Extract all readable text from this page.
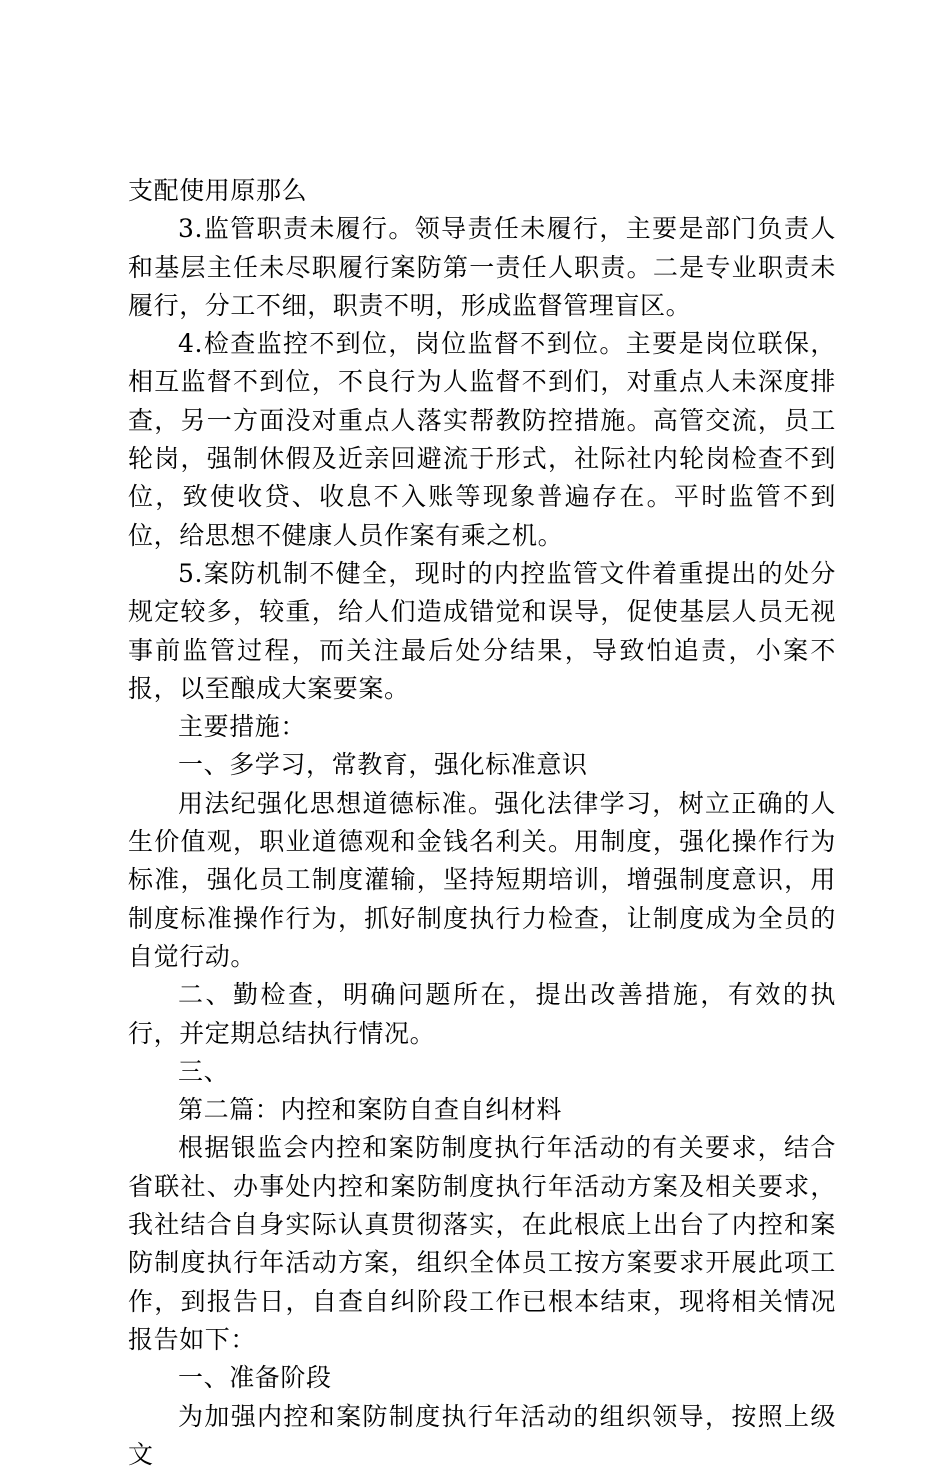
支配使用原那么

3.监管职责未履行。领导责任未履行，主要是部门负责人和基层主任未尽职履行案防第一责任人职责。二是专业职责未履行，分工不细，职责不明，形成监督管理盲区。

4.检查监控不到位，岗位监督不到位。主要是岗位联保，相互监督不到位，不良行为人监督不到们，对重点人未深度排查，另一方面没对重点人落实帮教防控措施。高管交流，员工轮岗，强制休假及近亲回避流于形式，社际社内轮岗检查不到位，致使收贷、收息不入账等现象普遍存在。平时监管不到位，给思想不健康人员作案有乘之机。

5.案防机制不健全，现时的内控监管文件着重提出的处分规定较多，较重，给人们造成错觉和误导，促使基层人员无视事前监管过程，而关注最后处分结果，导致怕追责，小案不报，以至酿成大案要案。

主要措施：

一、多学习，常教育，强化标准意识

用法纪强化思想道德标准。强化法律学习，树立正确的人生价值观，职业道德观和金钱名利关。用制度，强化操作行为标准，强化员工制度灌输，坚持短期培训，增强制度意识，用制度标准操作行为，抓好制度执行力检查，让制度成为全员的自觉行动。

二、勤检查，明确问题所在，提出改善措施，有效的执行，并定期总结执行情况。

三、

第二篇：内控和案防自查自纠材料

根据银监会内控和案防制度执行年活动的有关要求，结合省联社、办事处内控和案防制度执行年活动方案及相关要求，我社结合自身实际认真贯彻落实，在此根底上出台了内控和案防制度执行年活动方案，组织全体员工按方案要求开展此项工作，到报告日，自查自纠阶段工作已根本结束，现将相关情况报告如下：

一、准备阶段

为加强内控和案防制度执行年活动的组织领导，按照上级文
